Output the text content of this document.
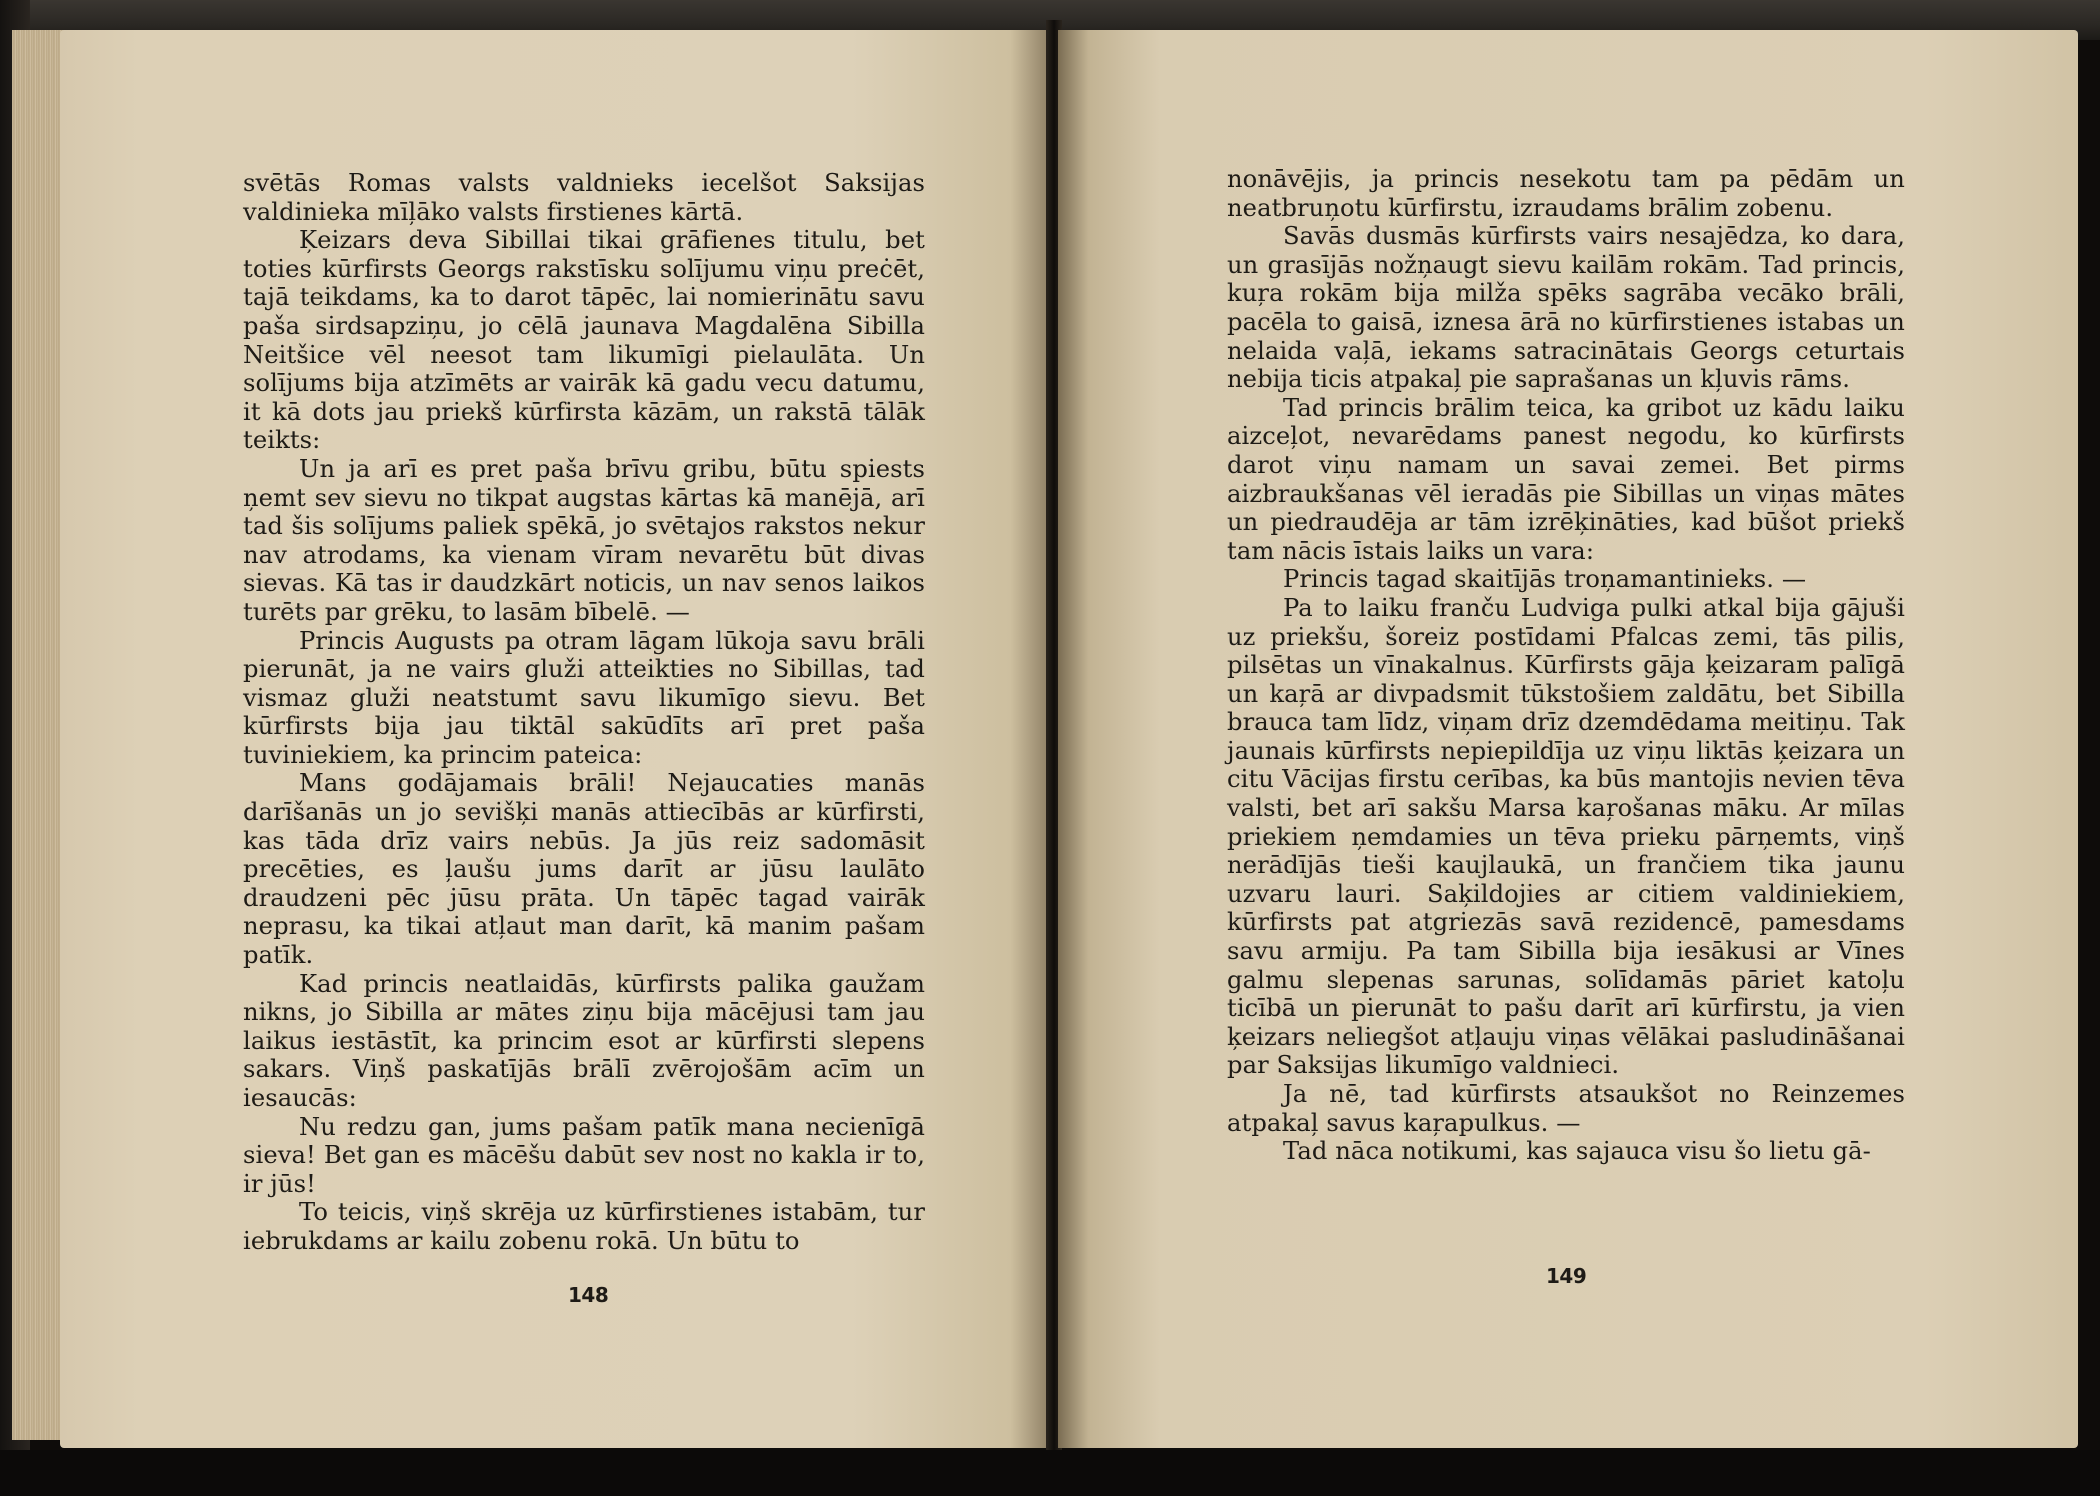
svētās Romas valsts valdnieks iecelšot Saksijas valdinieka mīļāko valsts firstienes kārtā.

Ķeizars deva Sibillai tikai grāfienes titulu, bet toties kūrfirsts Georgs rakstīsku solījumu viņu preċēt, tajā teikdams, ka to darot tāpēc, lai nomierinātu savu paša sirdsapziņu, jo cēlā jaunava Magdalēna Sibilla Neitšice vēl neesot tam likumīgi pielaulāta. Un solījums bija atzīmēts ar vairāk kā gadu vecu datumu, it kā dots jau priekš kūrfirsta kāzām, un rakstā tālāk teikts:

Un ja arī es pret paša brīvu gribu, būtu spiests ņemt sev sievu no tikpat augstas kārtas kā manējā, arī tad šis solījums paliek spēkā, jo svētajos rakstos nekur nav atrodams, ka vienam vīram nevarētu būt divas sievas. Kā tas ir daudzkārt noticis, un nav senos laikos turēts par grēku, to lasām bībelē. —

Princis Augusts pa otram lāgam lūkoja savu brāli pierunāt, ja ne vairs gluži atteikties no Sibillas, tad vismaz gluži neatstumt savu likumīgo sievu. Bet kūrfirsts bija jau tiktāl sakūdīts arī pret paša tuviniekiem, ka princim pateica:

Mans godājamais brāli! Nejaucaties manās darīšanās un jo sevišķi manās attiecībās ar kūrfirsti, kas tāda drīz vairs nebūs. Ja jūs reiz sadomāsit precēties, es ļaušu jums darīt ar jūsu laulāto draudzeni pēc jūsu prāta. Un tāpēc tagad vairāk neprasu, ka tikai atļaut man darīt, kā manim pašam patīk.

Kad princis neatlaidās, kūrfirsts palika gaužam nikns, jo Sibilla ar mātes ziņu bija mācējusi tam jau laikus iestāstīt, ka princim esot ar kūrfirsti slepens sakars. Viņš paskatījās brālī zvērojošām acīm un iesaucās:

Nu redzu gan, jums pašam patīk mana necienīgā sieva! Bet gan es mācēšu dabūt sev nost no kakla ir to, ir jūs!

To teicis, viņš skrēja uz kūrfirstienes istabām, tur iebrukdams ar kailu zobenu rokā. Un būtu to

148

nonāvējis, ja princis nesekotu tam pa pēdām un neatbruņotu kūrfirstu, izraudams brālim zobenu.

Savās dusmās kūrfirsts vairs nesajēdza, ko dara, un grasījās nožņaugt sievu kailām rokām. Tad princis, kuŗa rokām bija milža spēks sagrāba vecāko brāli, pacēla to gaisā, iznesa ārā no kūrfirstienes istabas un nelaida vaļā, iekams satracinātais Georgs ceturtais nebija ticis atpakaļ pie saprašanas un kļuvis rāms.

Tad princis brālim teica, ka gribot uz kādu laiku aizceļot, nevarēdams panest negodu, ko kūrfirsts darot viņu namam un savai zemei. Bet pirms aizbraukšanas vēl ieradās pie Sibillas un viņas mātes un piedraudēja ar tām izrēķināties, kad būšot priekš tam nācis īstais laiks un vara:

Princis tagad skaitījās troņamantinieks. —

Pa to laiku franču Ludviga pulki atkal bija gājuši uz priekšu, šoreiz postīdami Pfalcas zemi, tās pilis, pilsētas un vīnakalnus. Kūrfirsts gāja ķeizaram palīgā un kaŗā ar divpadsmit tūkstošiem zaldātu, bet Sibilla brauca tam līdz, viņam drīz dzemdēdama meitiņu. Tak jaunais kūrfirsts nepiepildīja uz viņu liktās ķeizara un citu Vācijas firstu cerības, ka būs mantojis nevien tēva valsti, bet arī sakšu Marsa kaŗošanas māku. Ar mīlas priekiem ņemdamies un tēva prieku pārņemts, viņš nerādījās tieši kaujlaukā, un frančiem tika jaunu uzvaru lauri. Saķildojies ar citiem valdiniekiem, kūrfirsts pat atgriezās savā rezidencē, pamesdams savu armiju. Pa tam Sibilla bija iesākusi ar Vīnes galmu slepenas sarunas, solīdamās pāriet katoļu ticībā un pierunāt to pašu darīt arī kūrfirstu, ja vien ķeizars neliegšot atļauju viņas vēlākai pasludināšanai par Saksijas likumīgo valdnieci.

Ja nē, tad kūrfirsts atsaukšot no Reinzemes atpakaļ savus kaŗapulkus. —

Tad nāca notikumi, kas sajauca visu šo lietu gā-

149
